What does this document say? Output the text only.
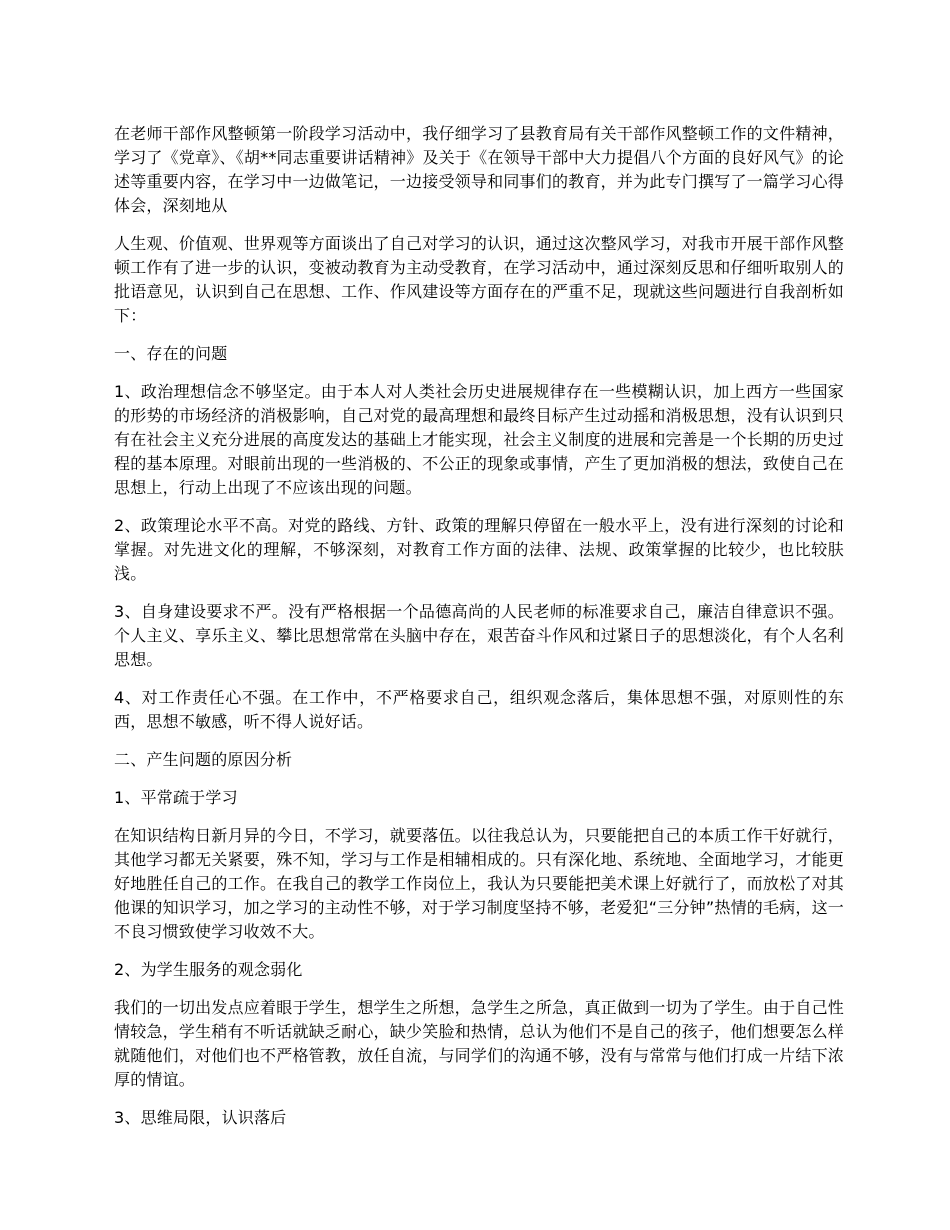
在老师干部作风整顿第一阶段学习活动中，我仔细学习了县教育局有关干部作风整顿工作的文件精神，学习了《党章》、《胡**同志重要讲话精神》及关于《在领导干部中大力提倡八个方面的良好风气》的论述等重要内容，在学习中一边做笔记，一边接受领导和同事们的教育，并为此专门撰写了一篇学习心得体会，深刻地从

人生观、价值观、世界观等方面谈出了自己对学习的认识，通过这次整风学习，对我市开展干部作风整顿工作有了进一步的认识，变被动教育为主动受教育，在学习活动中，通过深刻反思和仔细听取别人的批语意见，认识到自己在思想、工作、作风建设等方面存在的严重不足，现就这些问题进行自我剖析如下：

一、存在的问题

1、政治理想信念不够坚定。由于本人对人类社会历史进展规律存在一些模糊认识，加上西方一些国家的形势的市场经济的消极影响，自己对党的最高理想和最终目标产生过动摇和消极思想，没有认识到只有在社会主义充分进展的高度发达的基础上才能实现，社会主义制度的进展和完善是一个长期的历史过程的基本原理。对眼前出现的一些消极的、不公正的现象或事情，产生了更加消极的想法，致使自己在思想上，行动上出现了不应该出现的问题。

2、政策理论水平不高。对党的路线、方针、政策的理解只停留在一般水平上，没有进行深刻的讨论和掌握。对先进文化的理解，不够深刻，对教育工作方面的法律、法规、政策掌握的比较少，也比较肤浅。

3、自身建设要求不严。没有严格根据一个品德高尚的人民老师的标准要求自己，廉洁自律意识不强。个人主义、享乐主义、攀比思想常常在头脑中存在，艰苦奋斗作风和过紧日子的思想淡化，有个人名利思想。

4、对工作责任心不强。在工作中，不严格要求自己，组织观念落后，集体思想不强，对原则性的东西，思想不敏感，听不得人说好话。

二、产生问题的原因分析

1、平常疏于学习

在知识结构日新月异的今日，不学习，就要落伍。以往我总认为，只要能把自己的本质工作干好就行，其他学习都无关紧要，殊不知，学习与工作是相辅相成的。只有深化地、系统地、全面地学习，才能更好地胜任自己的工作。在我自己的教学工作岗位上，我认为只要能把美术课上好就行了，而放松了对其他课的知识学习，加之学习的主动性不够，对于学习制度坚持不够，老爱犯“三分钟”热情的毛病，这一不良习惯致使学习收效不大。

2、为学生服务的观念弱化

我们的一切出发点应着眼于学生，想学生之所想，急学生之所急，真正做到一切为了学生。由于自己性情较急，学生稍有不听话就缺乏耐心，缺少笑脸和热情，总认为他们不是自己的孩子，他们想要怎么样就随他们，对他们也不严格管教，放任自流，与同学们的沟通不够，没有与常常与他们打成一片结下浓厚的情谊。

3、思维局限，认识落后
